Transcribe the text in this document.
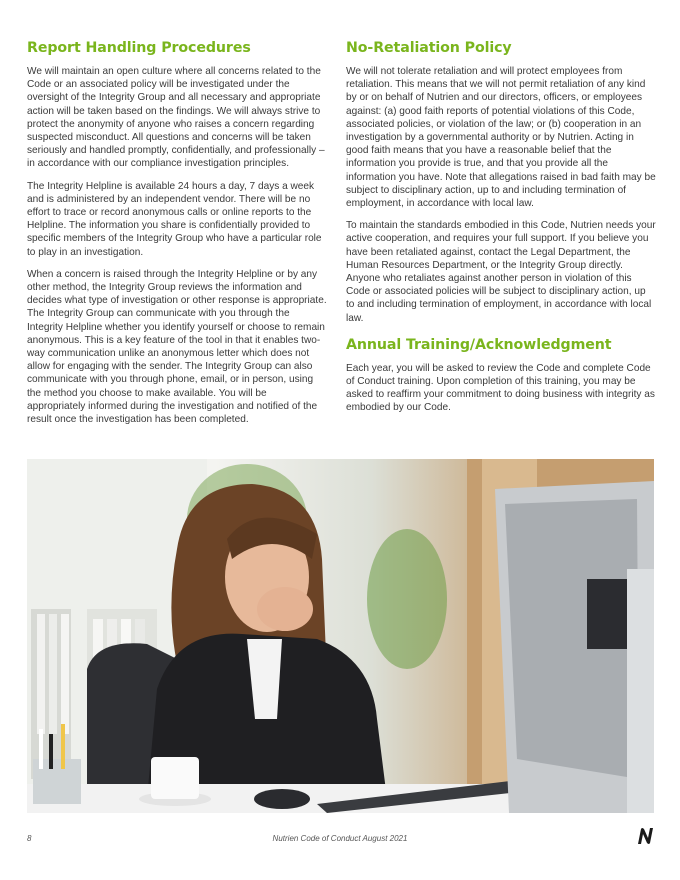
Report Handling Procedures

We will maintain an open culture where all concerns related to the Code or an associated policy will be investigated under the oversight of the Integrity Group and all necessary and appropriate action will be taken based on the findings. We will always strive to protect the anonymity of anyone who raises a concern regarding suspected misconduct. All questions and concerns will be taken seriously and handled promptly, confidentially, and professionally – in accordance with our compliance investigation principles.

The Integrity Helpline is available 24 hours a day, 7 days a week and is administered by an independent vendor. There will be no effort to trace or record anonymous calls or online reports to the Helpline. The information you share is confidentially provided to specific members of the Integrity Group who have a particular role to play in an investigation.

When a concern is raised through the Integrity Helpline or by any other method, the Integrity Group reviews the information and decides what type of investigation or other response is appropriate. The Integrity Group can communicate with you through the Integrity Helpline whether you identify yourself or choose to remain anonymous. This is a key feature of the tool in that it enables two-way communication unlike an anonymous letter which does not allow for engaging with the sender. The Integrity Group can also communicate with you through phone, email, or in person, using the method you choose to make available. You will be appropriately informed during the investigation and notified of the result once the investigation has been completed.

No-Retaliation Policy

We will not tolerate retaliation and will protect employees from retaliation. This means that we will not permit retaliation of any kind by or on behalf of Nutrien and our directors, officers, or employees against: (a) good faith reports of potential violations of this Code, associated policies, or violation of the law; or (b) cooperation in an investigation by a governmental authority or by Nutrien. Acting in good faith means that you have a reasonable belief that the information you provide is true, and that you provide all the information you have. Note that allegations raised in bad faith may be subject to disciplinary action, up to and including termination of employment, in accordance with local law.

To maintain the standards embodied in this Code, Nutrien needs your active cooperation, and requires your full support. If you believe you have been retaliated against, contact the Legal Department, the Human Resources Department, or the Integrity Group directly. Anyone who retaliates against another person in violation of this Code or associated policies will be subject to disciplinary action, up to and including termination of employment, in accordance with local law.

Annual Training/Acknowledgment

Each year, you will be asked to review the Code and complete Code of Conduct training. Upon completion of this training, you may be asked to reaffirm your commitment to doing business with integrity as embodied by our Code.

8	Nutrien Code of Conduct August 2021
